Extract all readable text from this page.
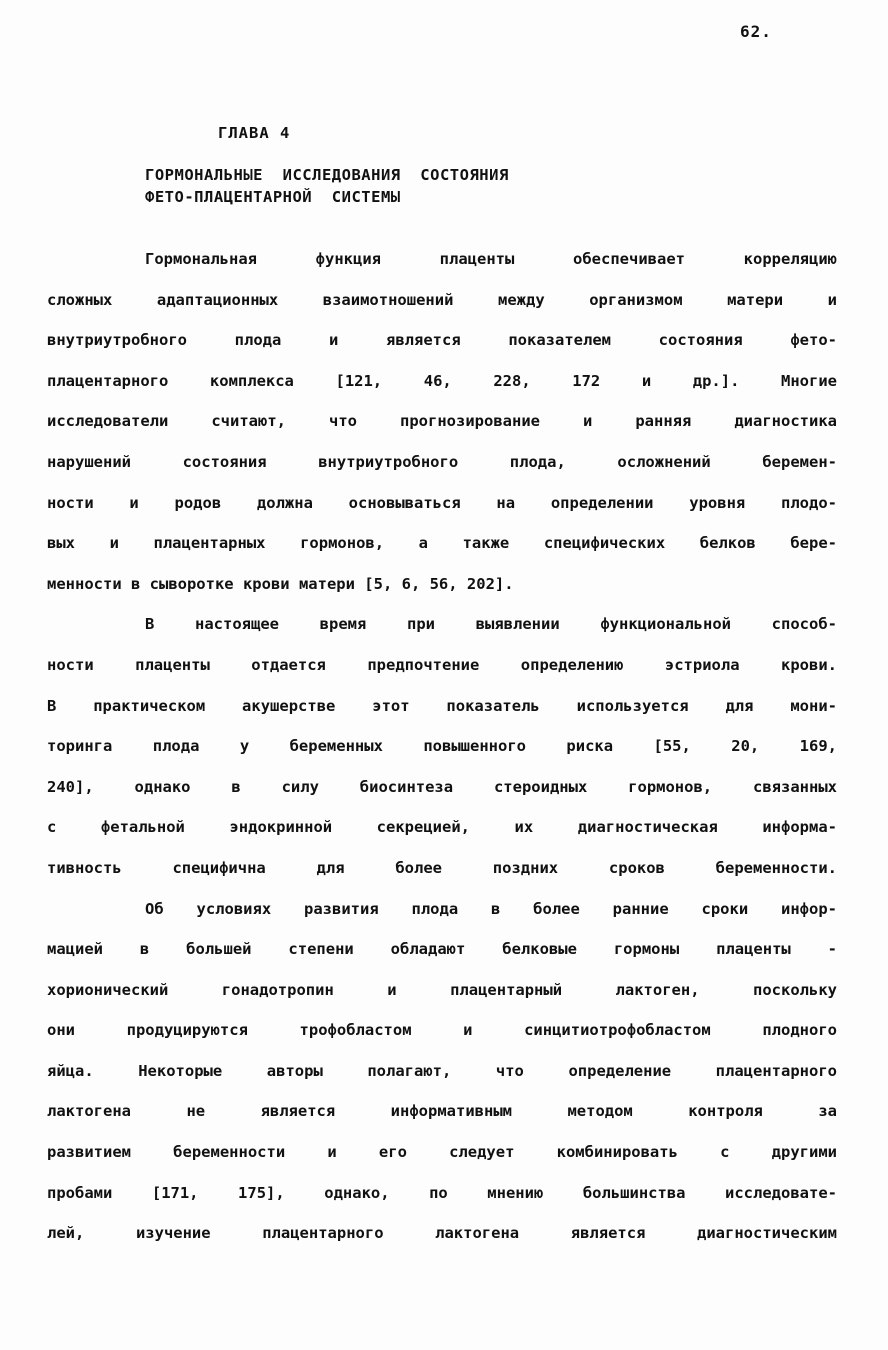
62.
ГЛАВА 4
ГОРМОНАЛЬНЫЕ  ИССЛЕДОВАНИЯ  СОСТОЯНИЯ
ФЕТО-ПЛАЦЕНТАРНОЙ  СИСТЕМЫ
Гормональная функция плаценты обеспечивает корреляцию
сложных адаптационных взаимотношений между организмом матери и
внутриутробного плода и является показателем состояния фето-
плацентарного комплекса [121, 46, 228, 172 и др.]. Многие
исследователи считают, что прогнозирование и ранняя диагностика
нарушений состояния внутриутробного плода, осложнений беремен-
ности и родов должна основываться на определении уровня плодо-
вых и плацентарных гормонов, а также специфических белков бере-
менности в сыворотке крови матери [5, 6, 56, 202].
В настоящее время при выявлении функциональной способ-
ности плаценты отдается предпочтение определению эстриола крови.
В практическом акушерстве этот показатель используется для мони-
торинга плода у беременных повышенного риска [55, 20, 169,
240], однако в силу биосинтеза стероидных гормонов, связанных
с фетальной эндокринной секрецией, их диагностическая информа-
тивность специфична для более поздних сроков беременности.
Об условиях развития плода в более ранние сроки инфор-
мацией в большей степени обладают белковые гормоны плаценты -
хорионический гонадотропин и плацентарный лактоген, поскольку
они продуцируются трофобластом и синцитиотрофобластом плодного
яйца. Некоторые авторы полагают, что определение плацентарного
лактогена не является информативным методом контроля за
развитием беременности и его следует комбинировать с другими
пробами [171, 175], однако, по мнению большинства исследовате-
лей, изучение плацентарного лактогена является диагностическим
